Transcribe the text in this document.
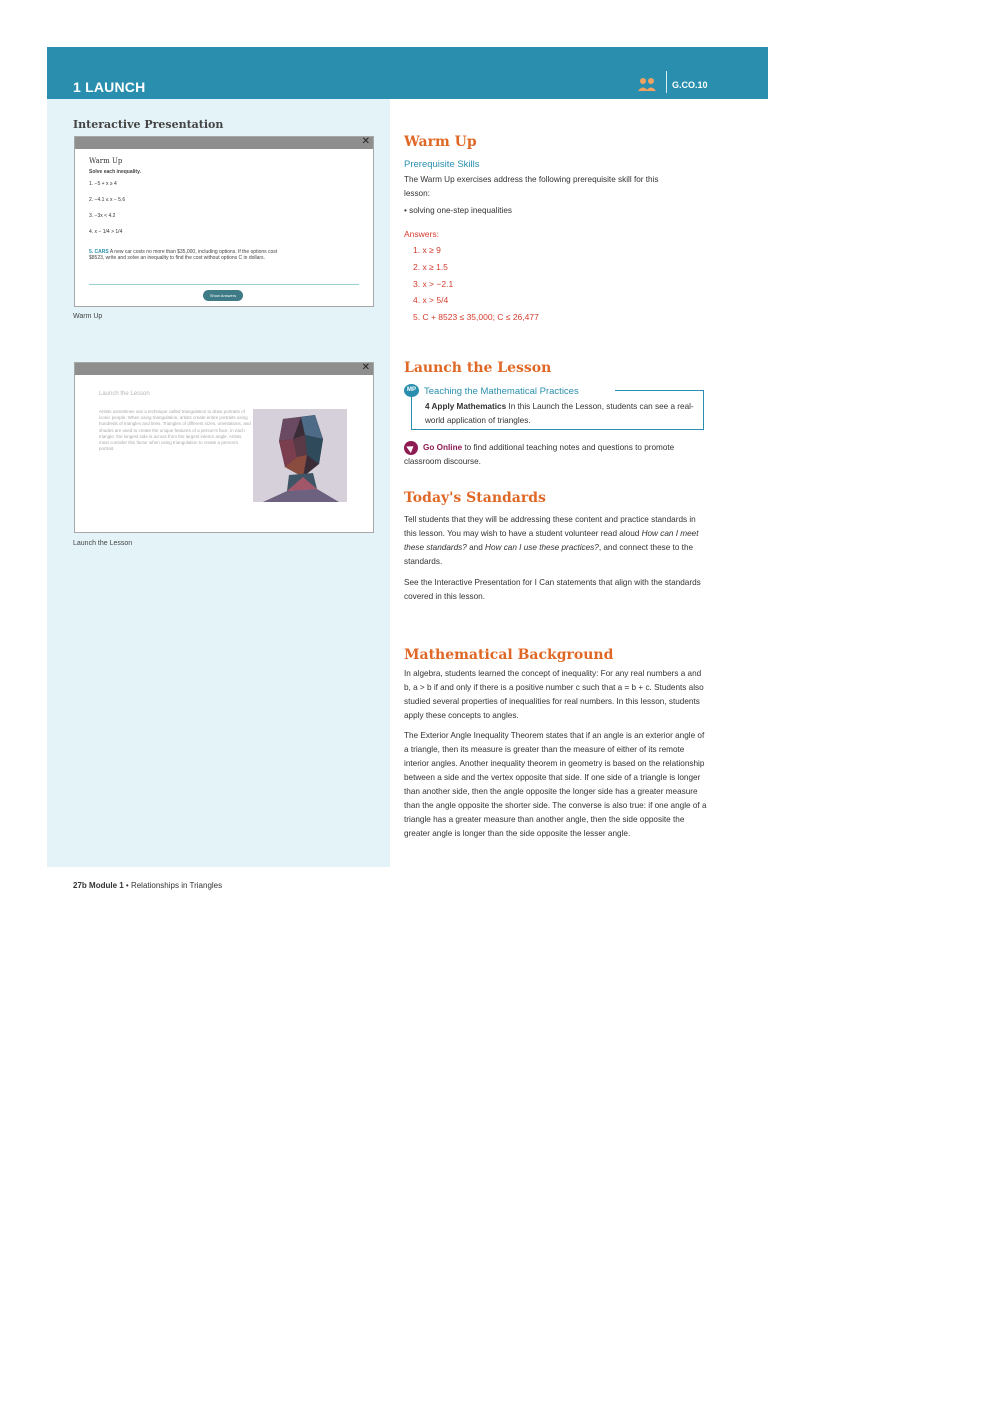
1 LAUNCH	G.CO.10
Interactive Presentation
✕
Warm Up
Solve each inequality.
1. −5 + x ≥ 4
2. −4.1 ≤ x − 5.6
3. −3x < 4.2
4. x − 1/4 > 1/4
5. CARS A new car costs no more than $35,000, including options. If the options cost $8523, write and solve an inequality to find the cost without options C in dollars.
Show Answers
Warm Up
✕
Launch the Lesson
Artists sometimes use a technique called triangulation to draw portraits of iconic people. When using triangulation, artists create entire portraits using hundreds of triangles and lines. Triangles of different sizes, orientations, and shades are used to create the unique features of a person's face. In each triangle, the longest side is across from the largest interior angle. Artists must consider this factor when using triangulation to create a person's portrait.
Launch the Lesson
Warm Up
Prerequisite Skills
The Warm Up exercises address the following prerequisite skill for this lesson:
• solving one-step inequalities
Answers:
1. x ≥ 9
2. x ≥ 1.5
3. x > −2.1
4. x > 5/4
5. C + 8523 ≤ 35,000; C ≤ 26,477
Launch the Lesson
MP Teaching the Mathematical Practices
4 Apply Mathematics In this Launch the Lesson, students can see a real-world application of triangles.
Go Online to find additional teaching notes and questions to promote classroom discourse.
Today's Standards
Tell students that they will be addressing these content and practice standards in this lesson. You may wish to have a student volunteer read aloud How can I meet these standards? and How can I use these practices?, and connect these to the standards.
See the Interactive Presentation for I Can statements that align with the standards covered in this lesson.
Mathematical Background
In algebra, students learned the concept of inequality: For any real numbers a and b, a > b if and only if there is a positive number c such that a = b + c. Students also studied several properties of inequalities for real numbers. In this lesson, students apply these concepts to angles.
The Exterior Angle Inequality Theorem states that if an angle is an exterior angle of a triangle, then its measure is greater than the measure of either of its remote interior angles. Another inequality theorem in geometry is based on the relationship between a side and the vertex opposite that side. If one side of a triangle is longer than another side, then the angle opposite the longer side has a greater measure than the angle opposite the shorter side. The converse is also true: if one angle of a triangle has a greater measure than another angle, then the side opposite the greater angle is longer than the side opposite the lesser angle.
27b Module 1 • Relationships in Triangles
